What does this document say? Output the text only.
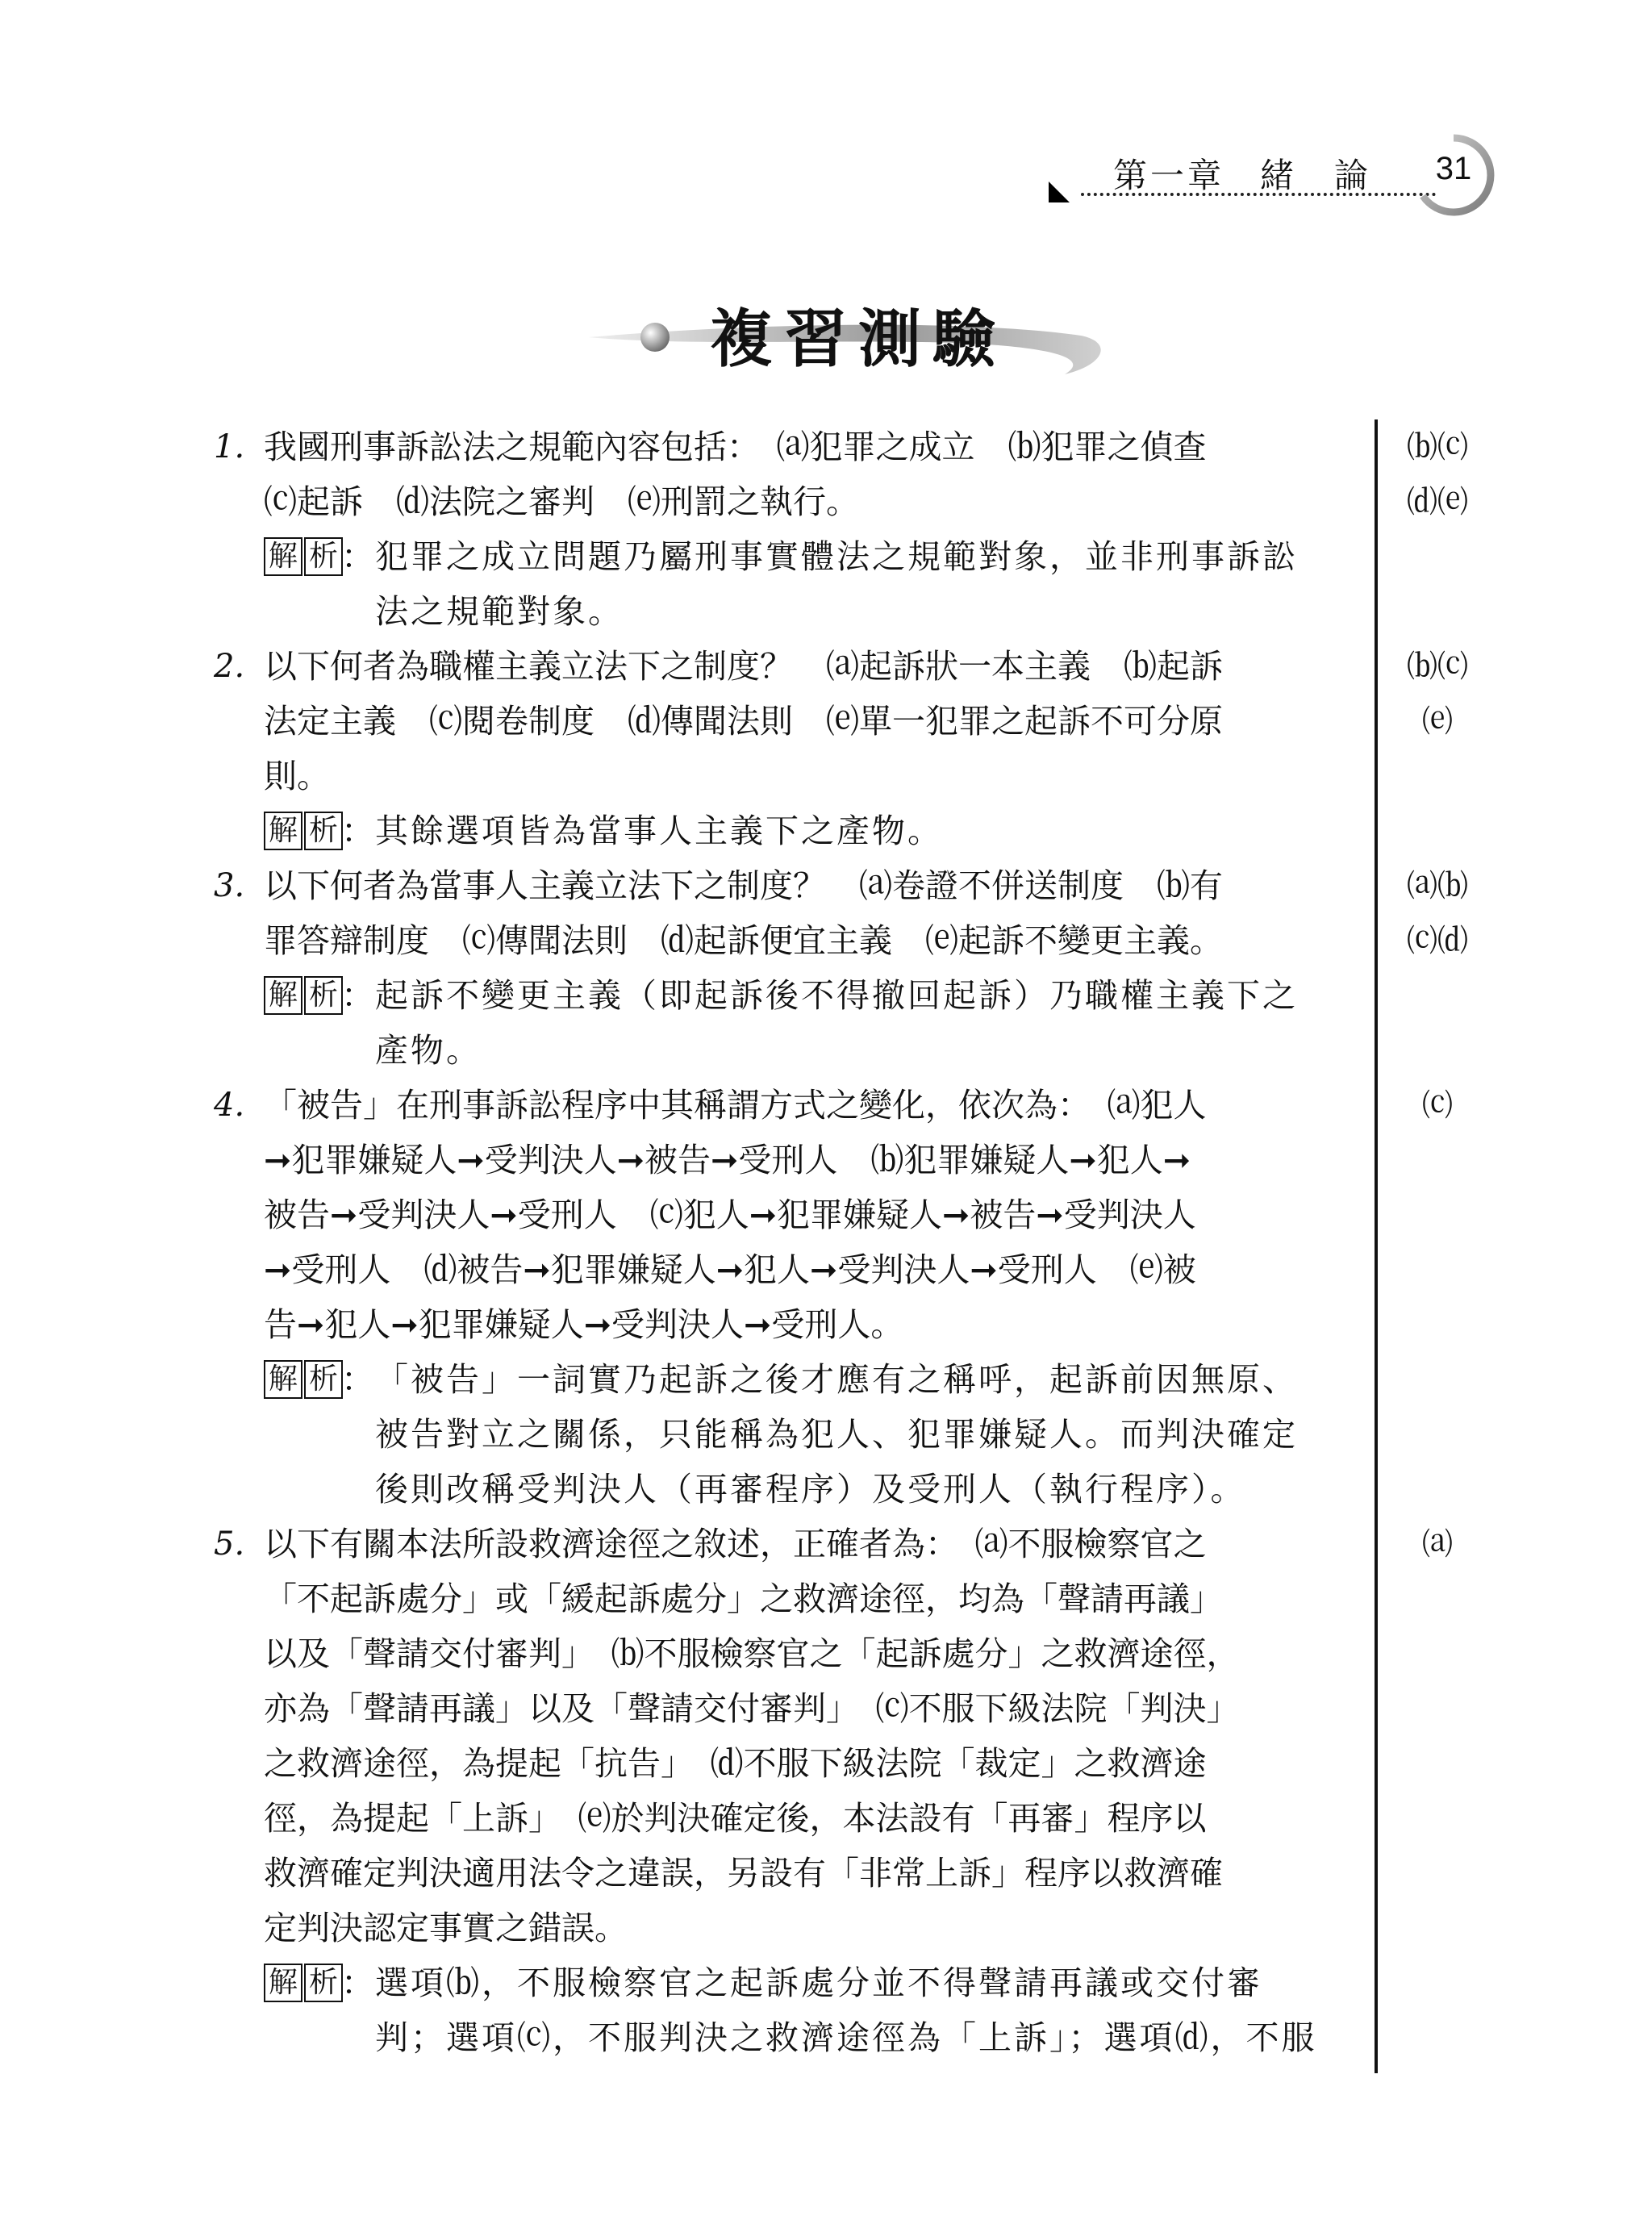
第一章 緒　論 31
複習測驗
1. 我國刑事訴訟法之規範內容包括：　⒜犯罪之成立　⒝犯罪之偵查
⒞起訴　⒟法院之審判　⒠刑罰之執行。
解 析 ：
犯罪之成立問題乃屬刑事實體法之規範對象，並非刑事訴訟
法之規範對象。
2. 以下何者為職權主義立法下之制度？　⒜起訴狀一本主義　⒝起訴
法定主義　⒞閱卷制度　⒟傳聞法則　⒠單一犯罪之起訴不可分原
則。
解 析 ：
其餘選項皆為當事人主義下之產物。
3. 以下何者為當事人主義立法下之制度？　⒜卷證不併送制度　⒝有
罪答辯制度　⒞傳聞法則　⒟起訴便宜主義　⒠起訴不變更主義。
解 析 ：
起訴不變更主義（即起訴後不得撤回起訴）乃職權主義下之
產物。
4. 「被告」在刑事訴訟程序中其稱謂方式之變化，依次為：　⒜犯人
➞犯罪嫌疑人➞受判決人➞被告➞受刑人　⒝犯罪嫌疑人➞犯人➞
被告➞受判決人➞受刑人　⒞犯人➞犯罪嫌疑人➞被告➞受判決人
➞受刑人　⒟被告➞犯罪嫌疑人➞犯人➞受判決人➞受刑人　⒠被
告➞犯人➞犯罪嫌疑人➞受判決人➞受刑人。
解 析 ：
「被告」一詞實乃起訴之後才應有之稱呼，起訴前因無原、
被告對立之關係，只能稱為犯人、犯罪嫌疑人。而判決確定
後則改稱受判決人（再審程序）及受刑人（執行程序）。
5. 以下有關本法所設救濟途徑之敘述，正確者為：　⒜不服檢察官之
「不起訴處分」或「緩起訴處分」之救濟途徑，均為「聲請再議」
以及「聲請交付審判」　⒝不服檢察官之「起訴處分」之救濟途徑，
亦為「聲請再議」以及「聲請交付審判」　⒞不服下級法院「判決」
之救濟途徑，為提起「抗告」　⒟不服下級法院「裁定」之救濟途
徑，為提起「上訴」　⒠於判決確定後，本法設有「再審」程序以
救濟確定判決適用法令之違誤，另設有「非常上訴」程序以救濟確
定判決認定事實之錯誤。
解 析 ：
選項⒝，不服檢察官之起訴處分並不得聲請再議或交付審
判；選項⒞，不服判決之救濟途徑為「上訴」；選項⒟，不服
⒝⒞
⒟⒠
⒝⒞
⒠
⒜⒝
⒞⒟
⒞
⒜
